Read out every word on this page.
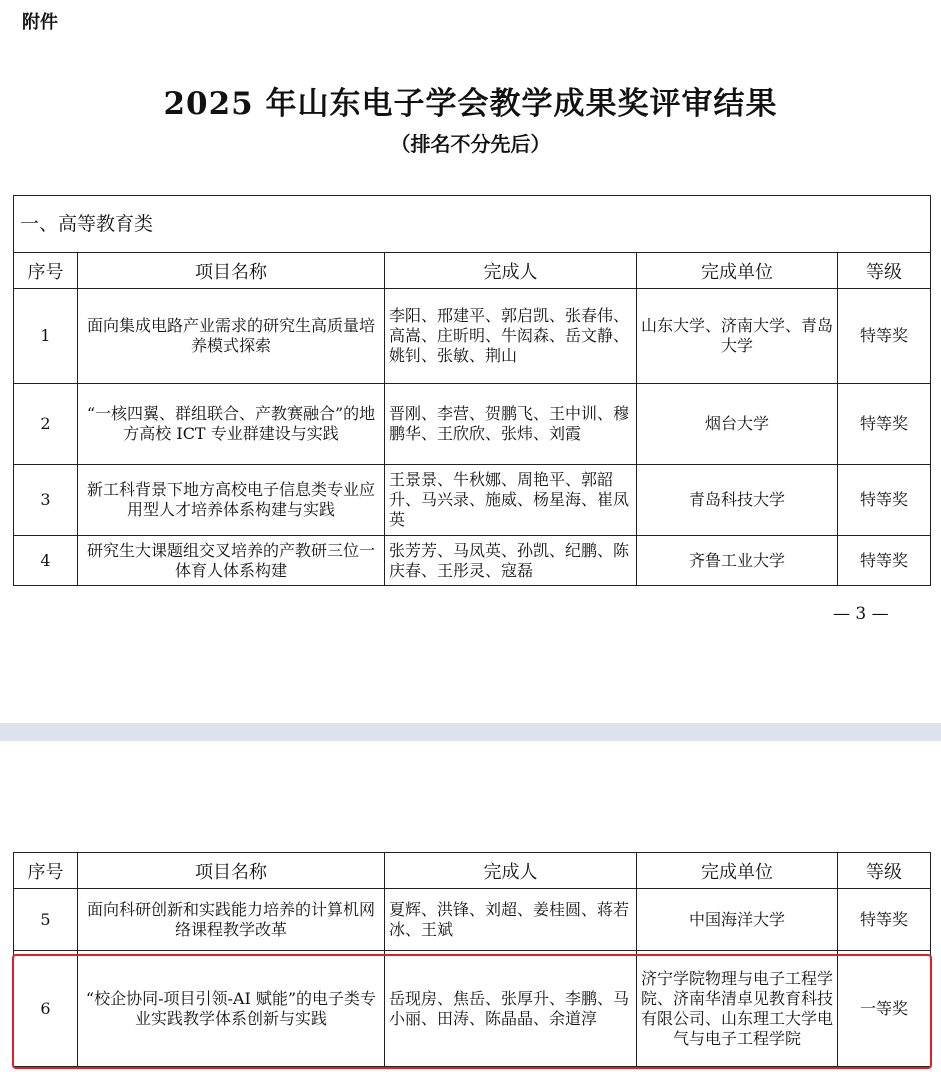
附件
2025 年山东电子学会教学成果奖评审结果
（排名不分先后）
一、高等教育类				
序号	项目名称	完成人	完成单位	等级
1	面向集成电路产业需求的研究生高质量培养模式探索	李阳、邢建平、郭启凯、张春伟、高嵩、庄昕明、牛闳森、岳文静、姚钊、张敏、荆山	山东大学、济南大学、青岛大学	特等奖
2	“一核四翼、群组联合、产教赛融合”的地方高校 ICT 专业群建设与实践	晋刚、李营、贺鹏飞、王中训、穆鹏华、王欣欣、张炜、刘霞	烟台大学	特等奖
3	新工科背景下地方高校电子信息类专业应用型人才培养体系构建与实践	王景景、牛秋娜、周艳平、郭韶升、马兴录、施威、杨星海、崔凤英	青岛科技大学	特等奖
4	研究生大课题组交叉培养的产教研三位一体育人体系构建	张芳芳、马凤英、孙凯、纪鹏、陈庆春、王彤灵、寇磊	齐鲁工业大学	特等奖
— 3 —
序号	项目名称	完成人	完成单位	等级
5	面向科研创新和实践能力培养的计算机网络课程教学改革	夏辉、洪锋、刘超、姜桂圆、蒋若冰、王斌	中国海洋大学	特等奖
6	“校企协同-项目引领-AI 赋能”的电子类专业实践教学体系创新与实践	岳现房、焦岳、张厚升、李鹏、马小丽、田涛、陈晶晶、余道淳	济宁学院物理与电子工程学院、济南华清卓见教育科技有限公司、山东理工大学电气与电子工程学院	一等奖
